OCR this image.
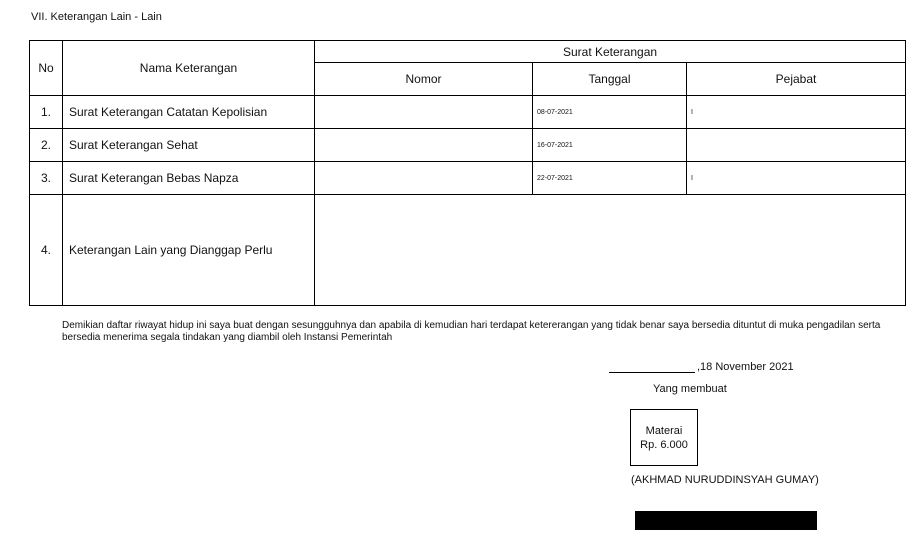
VII. Keterangan Lain - Lain
No	Nama Keterangan	Surat Keterangan		
		Nomor	Tanggal	Pejabat
1.	Surat Keterangan Catatan Kepolisian		08-07-2021	I
2.	Surat Keterangan Sehat		16-07-2021	
3.	Surat Keterangan Bebas Napza		22-07-2021	I
4.	Keterangan Lain yang Dianggap Perlu			
Demikian daftar riwayat hidup ini saya buat dengan sesungguhnya dan apabila di kemudian hari terdapat ketererangan yang tidak benar saya bersedia dituntut di muka pengadilan serta bersedia menerima segala tindakan yang diambil oleh Instansi Pemerintah
,18 November 2021
Yang membuat
Materai
Rp. 6.000
(AKHMAD NURUDDINSYAH GUMAY)
